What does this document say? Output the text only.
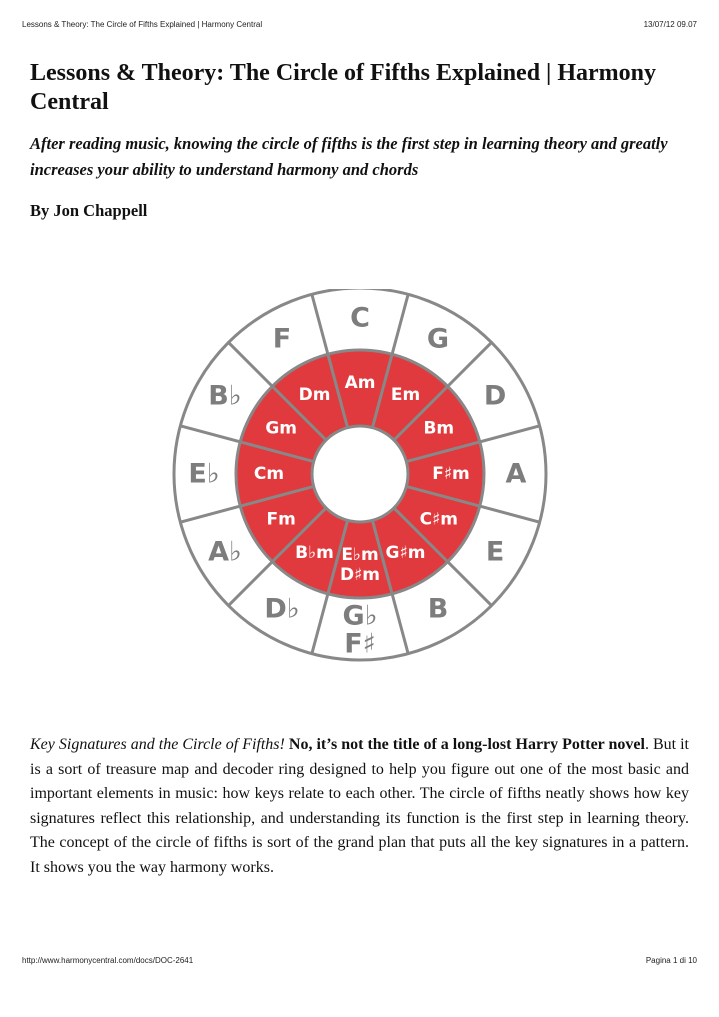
Lessons & Theory: The Circle of Fifths Explained | Harmony Central	13/07/12 09.07
Lessons & Theory: The Circle of Fifths Explained | Harmony Central

After reading music, knowing the circle of fifths is the first step in learning theory and greatly increases your ability to understand harmony and chords

By Jon Chappell

C
G
D
A
E
B
G♭
F♯
D♭
A♭
E♭
B♭
F
Am
Em
Bm
F♯m
C♯m
G♯m
E♭m
D♯m
B♭m
Fm
Cm
Gm
Dm

Key Signatures and the Circle of Fifths! No, it’s not the title of a long-lost Harry Potter novel. But it is a sort of treasure map and decoder ring designed to help you figure out one of the most basic and important elements in music: how keys relate to each other. The circle of fifths neatly shows how key signatures reflect this relationship, and understanding its function is the first step in learning theory. The concept of the circle of fifths is sort of the grand plan that puts all the key signatures in a pattern. It shows you the way harmony works.

http://www.harmonycentral.com/docs/DOC-2641	Pagina 1 di 10
